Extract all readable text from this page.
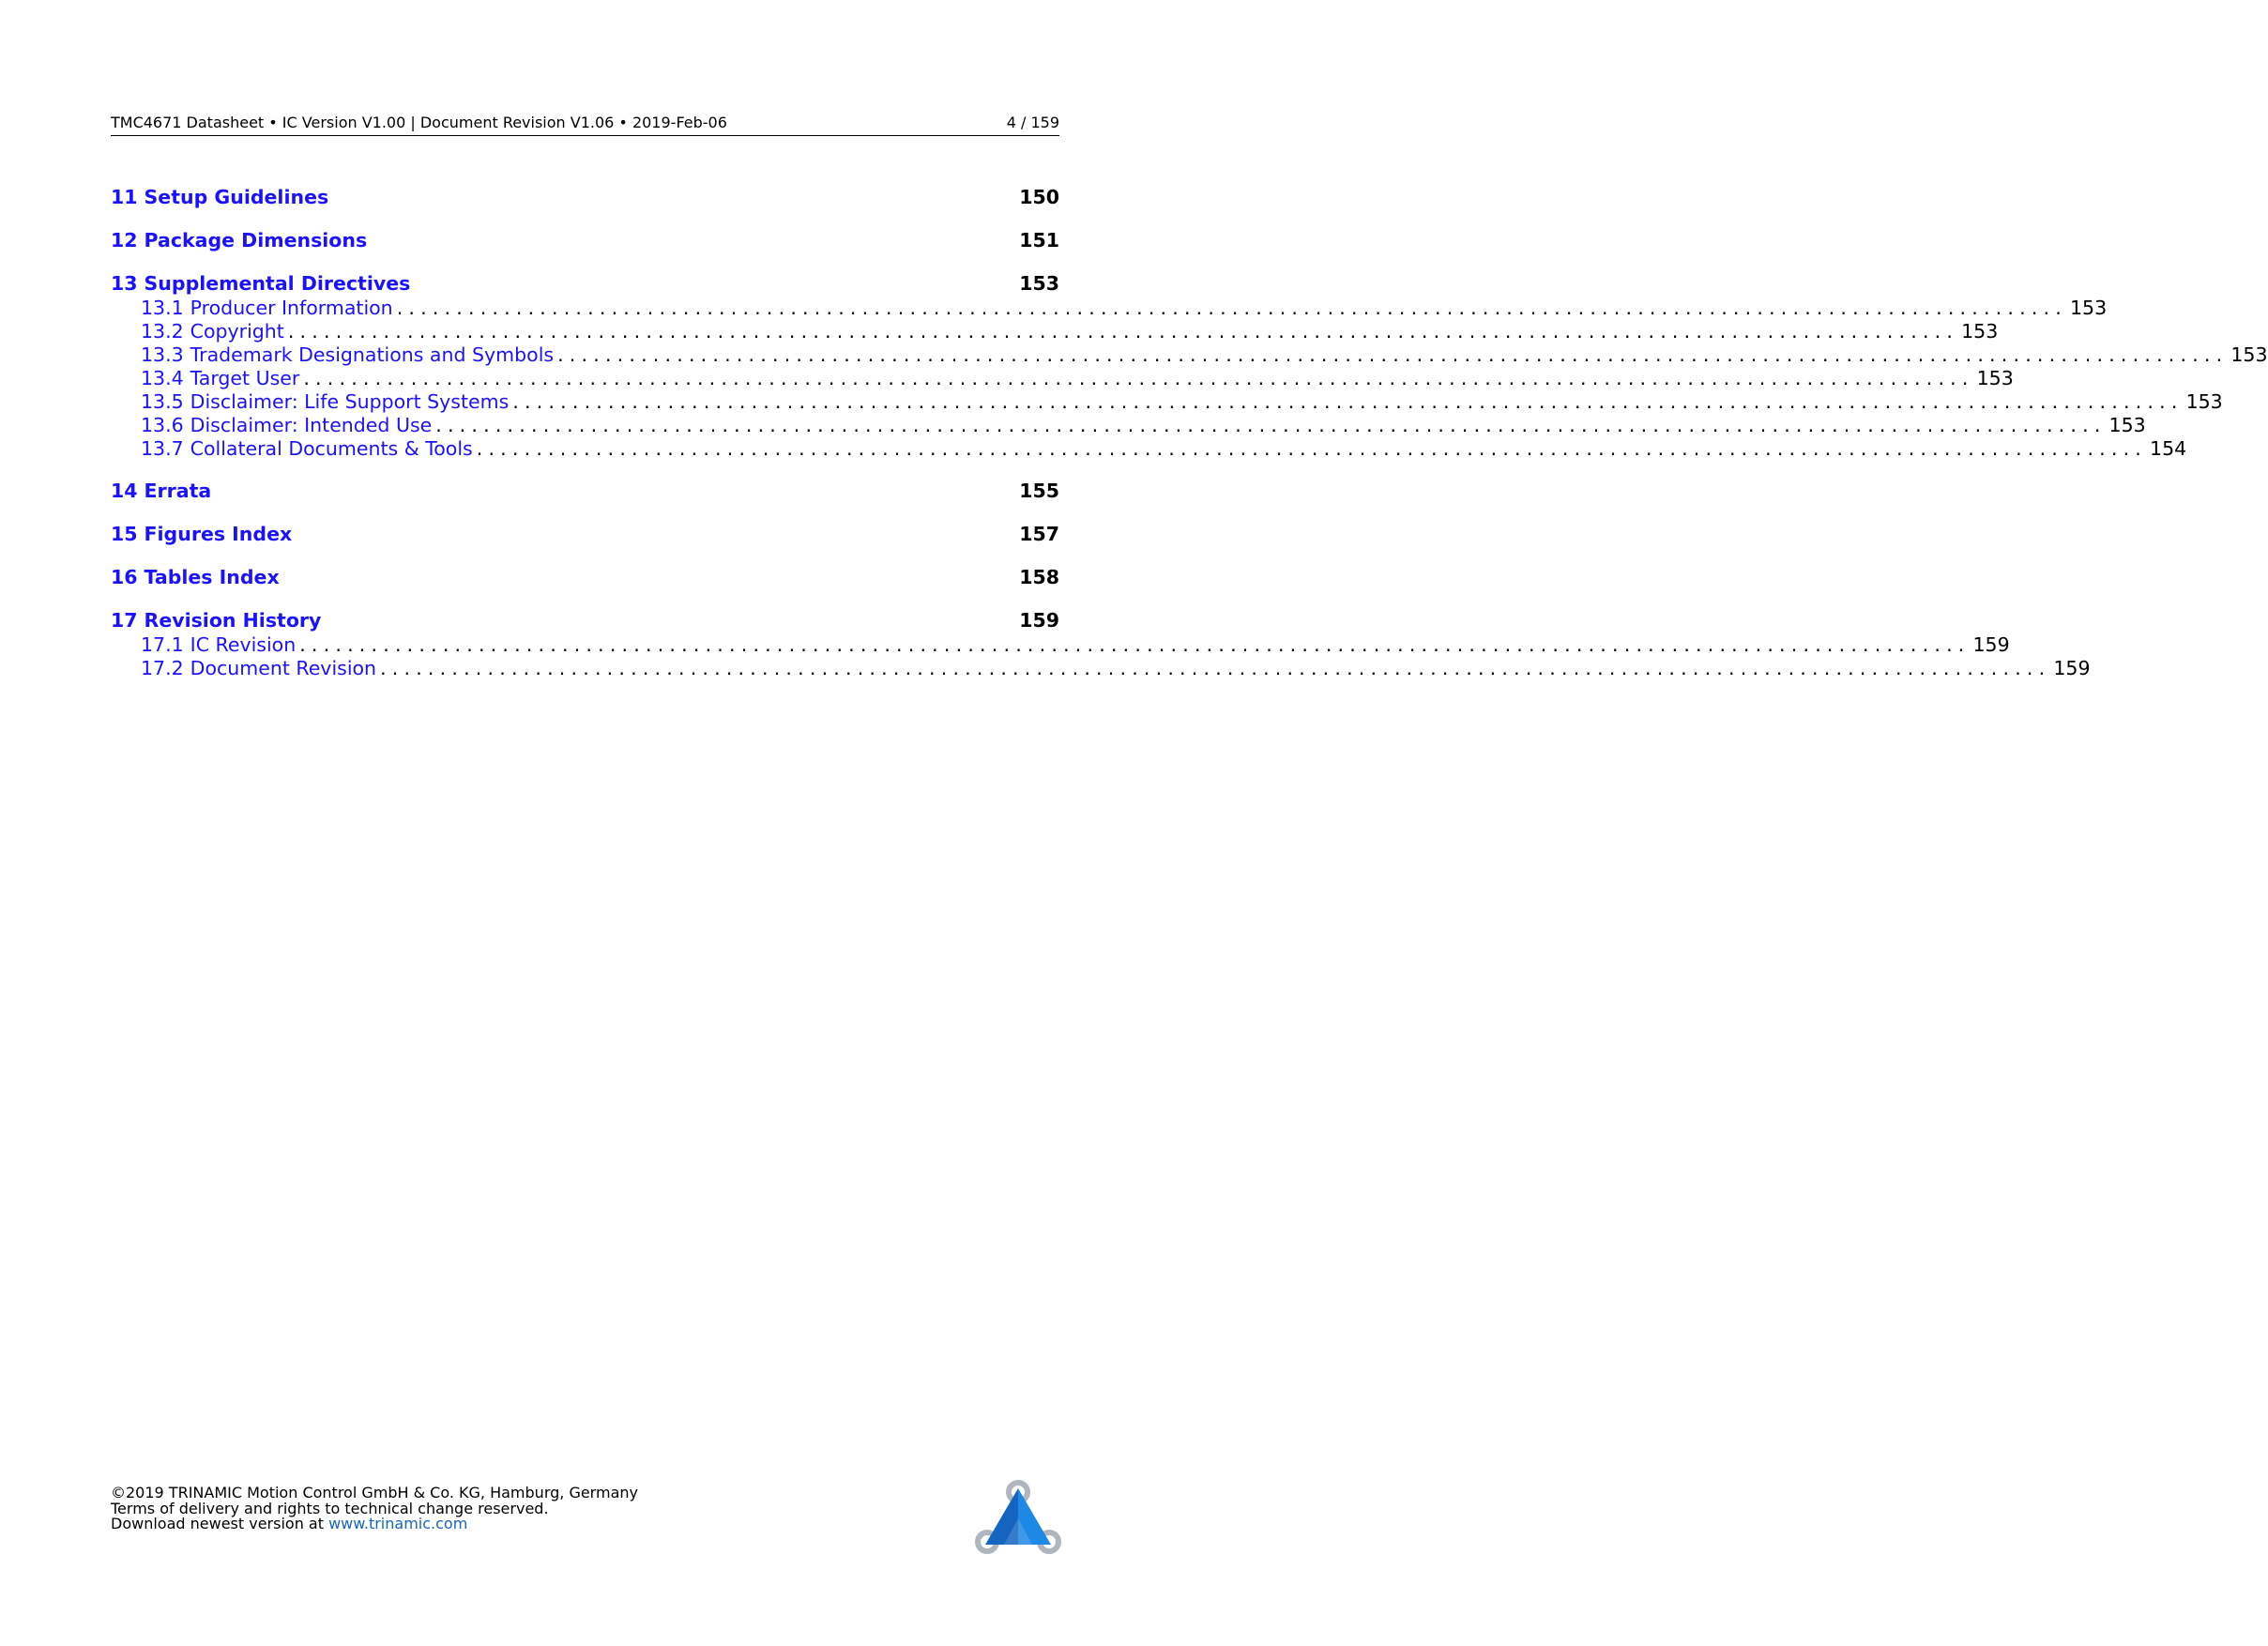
TMC4671 Datasheet • IC Version V1.00 | Document Revision V1.06 • 2019-Feb-06	4 / 159
11 Setup Guidelines	150
12 Package Dimensions	151
13 Supplemental Directives	153
13.1 Producer Information ............................................................................................................................................ 153
13.2 Copyright ............................................................................................................................................ 153
13.3 Trademark Designations and Symbols ............................................................................................................................................ 153
13.4 Target User ............................................................................................................................................ 153
13.5 Disclaimer: Life Support Systems ............................................................................................................................................ 153
13.6 Disclaimer: Intended Use ............................................................................................................................................ 153
13.7 Collateral Documents & Tools ............................................................................................................................................ 154
14 Errata	155
15 Figures Index	157
16 Tables Index	158
17 Revision History	159
17.1 IC Revision ............................................................................................................................................ 159
17.2 Document Revision ............................................................................................................................................ 159
©2019 TRINAMIC Motion Control GmbH & Co. KG, Hamburg, Germany
Terms of delivery and rights to technical change reserved.
Download newest version at www.trinamic.com
